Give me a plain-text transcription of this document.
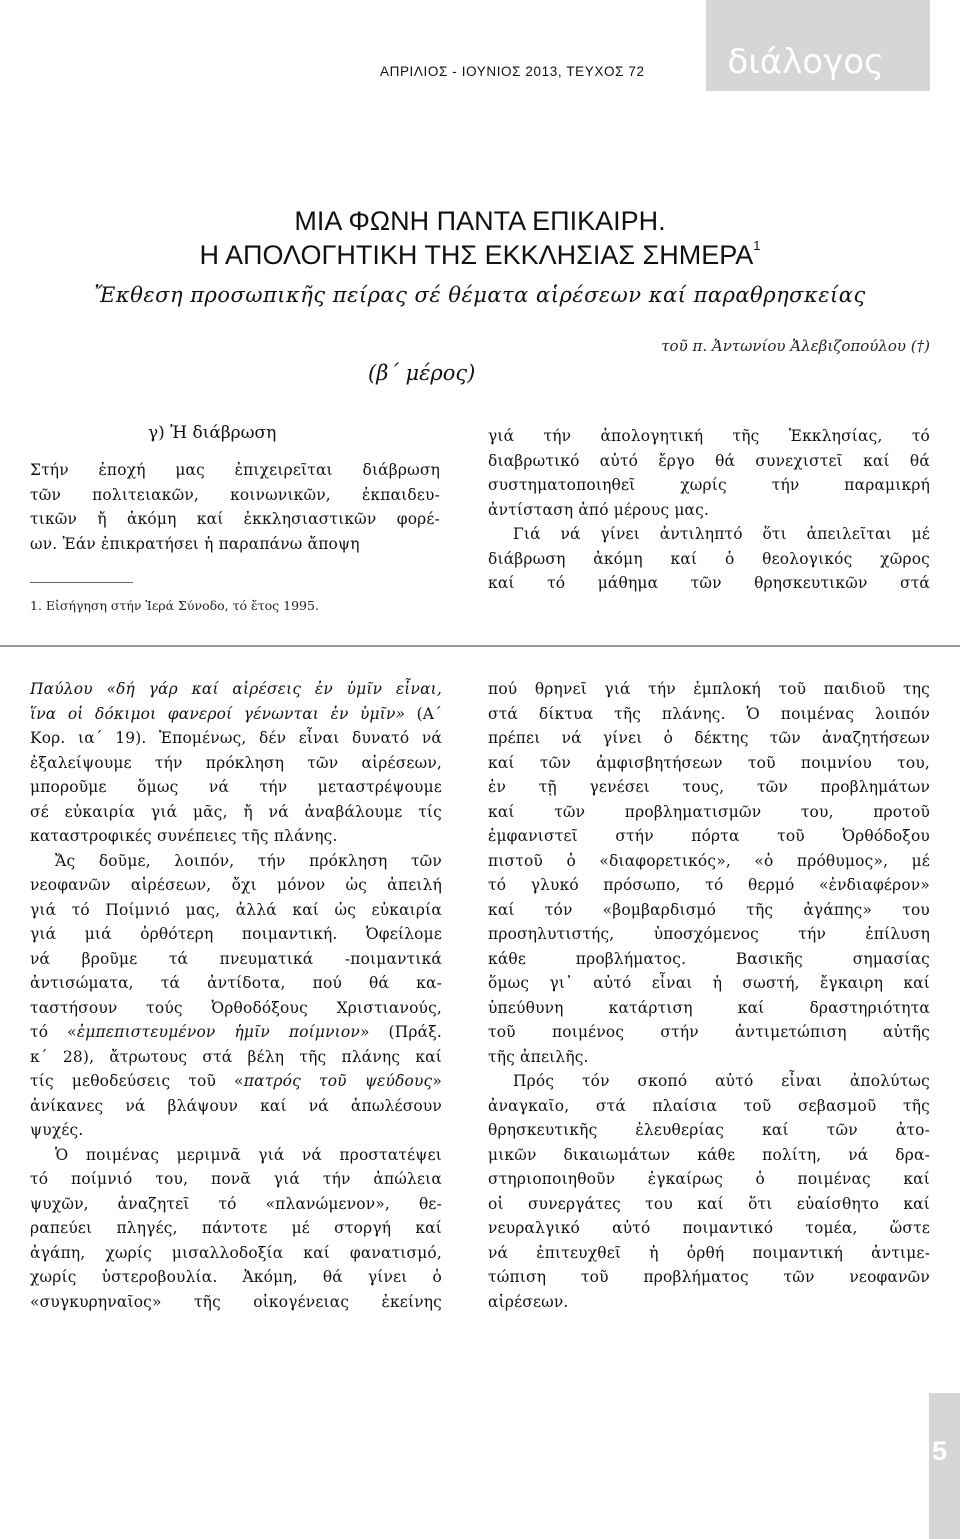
ΑΠΡΙΛΙΟΣ - ΙΟΥΝΙΟΣ 2013, ΤΕΥΧΟΣ 72 διάλογος
ΜΙΑ ΦΩΝΗ ΠΑΝΤΑ ΕΠΙΚΑΙΡΗ.
Η ΑΠΟΛΟΓΗΤΙΚΗ ΤΗΣ ΕΚΚΛΗΣΙΑΣ ΣΗΜΕΡΑ$^1$
Ἔκθεση προσωπικῆς πείρας σέ θέματα αἱρέσεων καί παραθρησκείας
τοῦ π. Ἀντωνίου Ἀλεβιζοπούλου (†)
(β΄ μέρος)
γ) Ἡ διάβρωση

Στήν ἐποχή μας ἐπιχειρεῖται διάβρωση

τῶν πολιτειακῶν, κοινωνικῶν, ἐκπαιδευ-

τικῶν ἤ ἀκόμη καί ἐκκλησιαστικῶν φορέ-

ων. Ἐάν ἐπικρατήσει ἡ παραπάνω ἄποψη

1. Εἰσήγηση στήν Ἱερά Σύνοδο, τό ἔτος 1995.

γιά τήν ἀπολογητική τῆς Ἐκκλησίας, τό

διαβρωτικό αὐτό ἔργο θά συνεχιστεῖ καί θά

συστηματοποιηθεῖ χωρίς τήν παραμικρή

ἀντίσταση ἀπό μέρους μας.

Γιά νά γίνει ἀντιληπτό ὅτι ἀπειλεῖται μέ

διάβρωση ἀκόμη καί ὁ θεολογικός χῶρος

καί τό μάθημα τῶν θρησκευτικῶν στά

Παύλου «δή γάρ καί αἱρέσεις ἐν ὑμῖν εἶναι,

ἵνα οἱ δόκιμοι φανεροί γένωνται ἐν ὑμῖν» (Α΄

Κορ. ια΄ 19). Ἑπομένως, δέν εἶναι δυνατό νά

ἐξαλείψουμε τήν πρόκληση τῶν αἱρέσεων,

μποροῦμε ὅμως νά τήν μεταστρέψουμε

σέ εὐκαιρία γιά μᾶς, ἤ νά ἀναβάλουμε τίς

καταστροφικές συνέπειες τῆς πλάνης.

Ἄς δοῦμε, λοιπόν, τήν πρόκληση τῶν

νεοφανῶν αἱρέσεων, ὄχι μόνον ὡς ἀπειλή

γιά τό Ποίμνιό μας, ἀλλά καί ὡς εὐκαιρία

γιά μιά ὀρθότερη ποιμαντική. Ὀφείλομε

νά βροῦμε τά πνευματικά -ποιμαντικά

ἀντισώματα, τά ἀντίδοτα, πού θά κα-

ταστήσουν τούς Ὀρθοδόξους Χριστιανούς,

τό «ἐμπεπιστευμένον ἡμῖν ποίμνιον» (Πράξ.

κ΄ 28), ἄτρωτους στά βέλη τῆς πλάνης καί

τίς μεθοδεύσεις τοῦ «πατρός τοῦ ψεύδους»

ἀνίκανες νά βλάψουν καί νά ἀπωλέσουν

ψυχές.

Ὁ ποιμένας μεριμνᾶ γιά νά προστατέψει

τό ποίμνιό του, πονᾶ γιά τήν ἀπώλεια

ψυχῶν, ἀναζητεῖ τό «πλανώμενον», θε-

ραπεύει πληγές, πάντοτε μέ στοργή καί

ἀγάπη, χωρίς μισαλλοδοξία καί φανατισμό,

χωρίς ὑστεροβουλία. Ἀκόμη, θά γίνει ὁ

«συγκυρηναῖος» τῆς οἰκογένειας ἐκείνης

πού θρηνεῖ γιά τήν ἐμπλοκή τοῦ παιδιοῦ της

στά δίκτυα τῆς πλάνης. Ὁ ποιμένας λοιπόν

πρέπει νά γίνει ὁ δέκτης τῶν ἀναζητήσεων

καί τῶν ἀμφισβητήσεων τοῦ ποιμνίου του,

ἐν τῇ γενέσει τους, τῶν προβλημάτων

καί τῶν προβληματισμῶν του, προτοῦ

ἐμφανιστεῖ στήν πόρτα τοῦ Ὀρθόδοξου

πιστοῦ ὁ «διαφορετικός», «ὁ πρόθυμος», μέ

τό γλυκό πρόσωπο, τό θερμό «ἐνδιαφέρον»

καί τόν «βομβαρδισμό τῆς ἀγάπης» του

προσηλυτιστής, ὑποσχόμενος τήν ἐπίλυση

κάθε προβλήματος. Βασικῆς σημασίας

ὅμως γι᾽ αὐτό εἶναι ἡ σωστή, ἔγκαιρη καί

ὑπεύθυνη κατάρτιση καί δραστηριότητα

τοῦ ποιμένος στήν ἀντιμετώπιση αὐτῆς

τῆς ἀπειλῆς.

Πρός τόν σκοπό αὐτό εἶναι ἀπολύτως

ἀναγκαῖο, στά πλαίσια τοῦ σεβασμοῦ τῆς

θρησκευτικῆς ἐλευθερίας καί τῶν ἀτο-

μικῶν δικαιωμάτων κάθε πολίτη, νά δρα-

στηριοποιηθοῦν ἐγκαίρως ὁ ποιμένας καί

οἱ συνεργάτες του καί ὅτι εὐαίσθητο καί

νευραλγικό αὐτό ποιμαντικό τομέα, ὥστε

νά ἐπιτευχθεῖ ἡ ὀρθή ποιμαντική ἀντιμε-

τώπιση τοῦ προβλήματος τῶν νεοφανῶν

αἱρέσεων.

5
